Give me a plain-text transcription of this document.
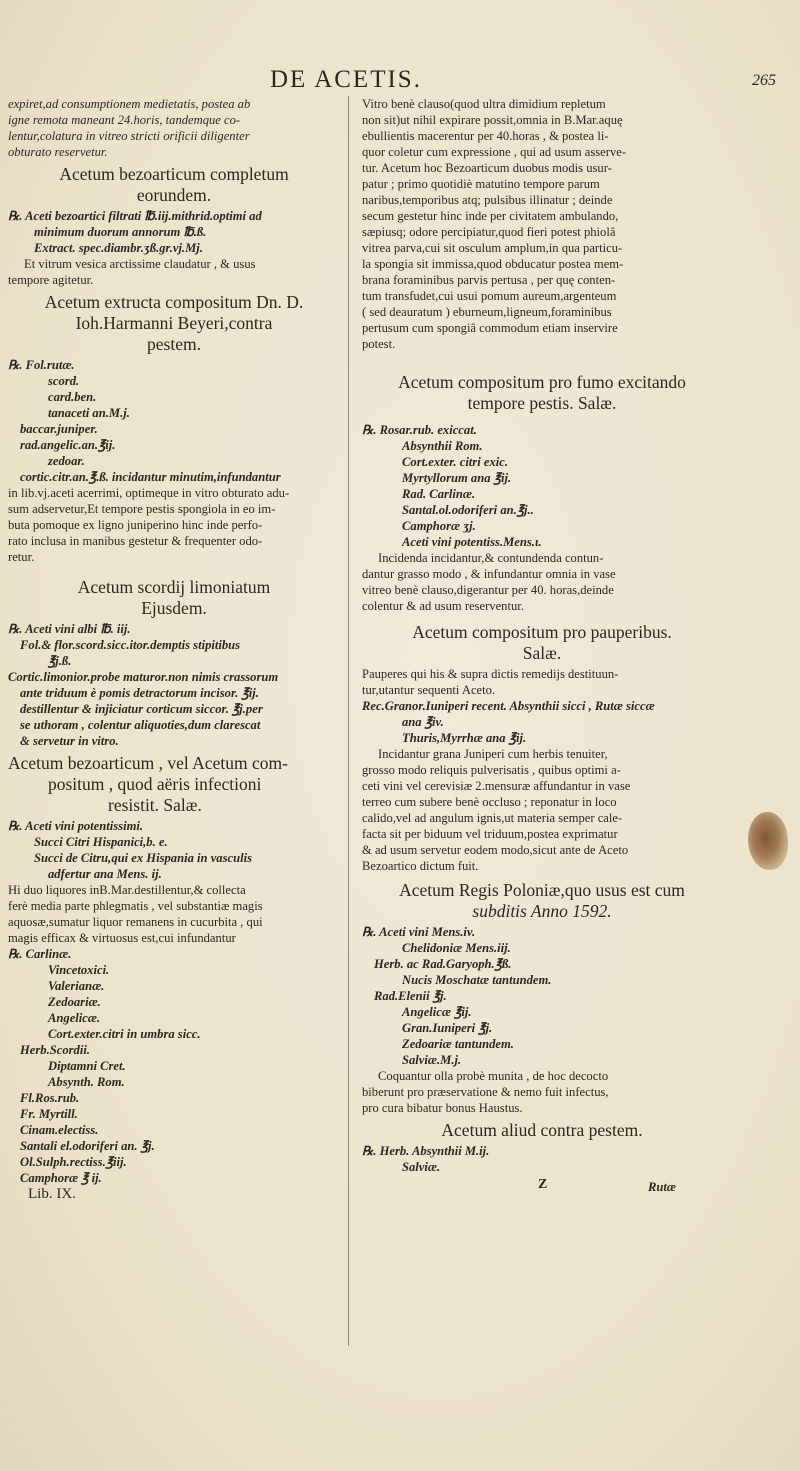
DE ACETIS.	265
expiret,ad consumptionem medietatis, postea ab
igne remota maneant 24.horis, tandemque co-
lentur,colatura in vitreo stricti orificii diligenter
obturato reservetur.
Acetum bezoarticum completum
eorundem.
℞. Aceti bezoartici filtrati ℔.iij.mithrid.optimi ad
minimum duorum annorum ℔.ß.
Extract. spec.diambr.ʒß.gr.vj.Mj.
Et vitrum vesica arctissime claudatur , & usus
tempore agitetur.
Acetum extructa compositum Dn. D.
Ioh.Harmanni Beyeri,contra
pestem.
℞. Fol.rutæ.
scord.
card.ben.
tanaceti an.M.j.
baccar.juniper.
rad.angelic.an.℥ij.
zedoar.
cortic.citr.an.℥.ß. incidantur minutim,infundantur
in lib.vj.aceti acerrimi, optimeque in vitro obturato adu-
sum adservetur,Et tempore pestis spongiola in eo im-
buta pomoque ex ligno juniperino hinc inde perfo-
rato inclusa in manibus gestetur & frequenter odo-
retur.
Acetum scordij limoniatum
Ejusdem.
℞. Aceti vini albi ℔. iij.
Fol.& flor.scord.sicc.itor.demptis stipitibus
℥j.ß.
Cortic.limonior.probe maturor.non nimis crassorum
ante triduum è pomis detractorum incisor. ℥ij.
destillentur & injiciatur corticum siccor. ℥j.per
se uthoram , colentur aliquoties,dum clarescat
& servetur in vitro.
Acetum bezoarticum , vel Acetum com-
positum , quod aëris infectioni
resistit. Salæ.
℞. Aceti vini potentissimi.
Succi Citri Hispanici,b. e.
Succi de Citru,qui ex Hispania in vasculis
adfertur ana Mens. ij.
Hi duo liquores inB.Mar.destillentur,& collecta
ferè media parte phlegmatis , vel substantiæ magis
aquosæ,sumatur liquor remanens in cucurbita , qui
magis efficax & virtuosus est,cui infundantur
℞. Carlinæ.
Vincetoxici.
Valerianæ.
Zedoariæ.
Angelicæ.
Cort.exter.citri in umbra sicc.
Herb.Scordii.
Diptamni Cret.
Absynth. Rom.
Fl.Ros.rub.
Fr. Myrtill.
Cinam.electiss.
Santali el.odoriferi an. ℥j.
Ol.Sulph.rectiss.℥iij.
Camphoræ ℥ ij.
Lib. IX.
Vitro benè clauso(quod ultra dimidium repletum
non sit)ut nihil expirare possit,omnia in B.Mar.aquę
ebullientis macerentur per 40.horas , & postea li-
quor coletur cum expressione , qui ad usum asserve-
tur. Acetum hoc Bezoarticum duobus modis usur-
patur ; primo quotidiè matutino tempore parum
naribus,temporibus atq; pulsibus illinatur ; deinde
secum gestetur hinc inde per civitatem ambulando,
sæpiusq; odore percipiatur,quod fieri potest phiolâ
vitrea parva,cui sit osculum amplum,in qua particu-
la spongia sit immissa,quod obducatur postea mem-
brana foraminibus parvis pertusa , per quę conten-
tum transfudet,cui usui pomum aureum,argenteum
( sed deauratum ) eburneum,ligneum,foraminibus
pertusum cum spongiâ commodum etiam inservire
potest.
Acetum compositum pro fumo excitando
tempore pestis. Salæ.
℞. Rosar.rub. exiccat.
Absynthii Rom.
Cort.exter. citri exic.
Myrtyllorum ana ℥ij.
Rad. Carlinæ.
Santal.ol.odoriferi an.℥j..
Camphoræ ʒj.
Aceti vini potentiss.Mens.ι.
Incidenda incidantur,& contundenda contun-
dantur grasso modo , & infundantur omnia in vase
vitreo benè clauso,digerantur per 40. horas,deinde
colentur & ad usum reserventur.
Acetum compositum pro pauperibus.
Salæ.
Pauperes qui his & supra dictis remedijs destituun-
tur,utantur sequenti Aceto.
Rec.Granor.Iuniperi recent. Absynthii sicci , Rutæ siccæ
ana ℥iv.
Thuris,Myrrhæ ana ℥ij.
Incidantur grana Juniperi cum herbis tenuiter,
grosso modo reliquis pulverisatis , quibus optimi a-
ceti vini vel cerevisiæ 2.mensuræ affundantur in vase
terreo cum subere benè occluso ; reponatur in loco
calido,vel ad angulum ignis,ut materia semper cale-
facta sit per biduum vel triduum,postea exprimatur
& ad usum servetur eodem modo,sicut ante de Aceto
Bezoartico dictum fuit.
Acetum Regis Poloniæ,quo usus est cum
subditis Anno 1592.
℞. Aceti vini Mens.iv.
Chelidoniæ Mens.iij.
Herb. ac Rad.Garyoph.℥ß.
Nucis Moschatæ tantundem.
Rad.Elenii ℥j.
Angelicæ ℥ij.
Gran.Iuniperi ℥j.
Zedoariæ tantundem.
Salviæ.M.j.
Coquantur olla probè munita , de hoc decocto
biberunt pro præservatione & nemo fuit infectus,
pro cura bibatur bonus Haustus.
Acetum aliud contra pestem.
℞. Herb. Absynthii M.ij.
Salviæ.
Z	Rutæ
